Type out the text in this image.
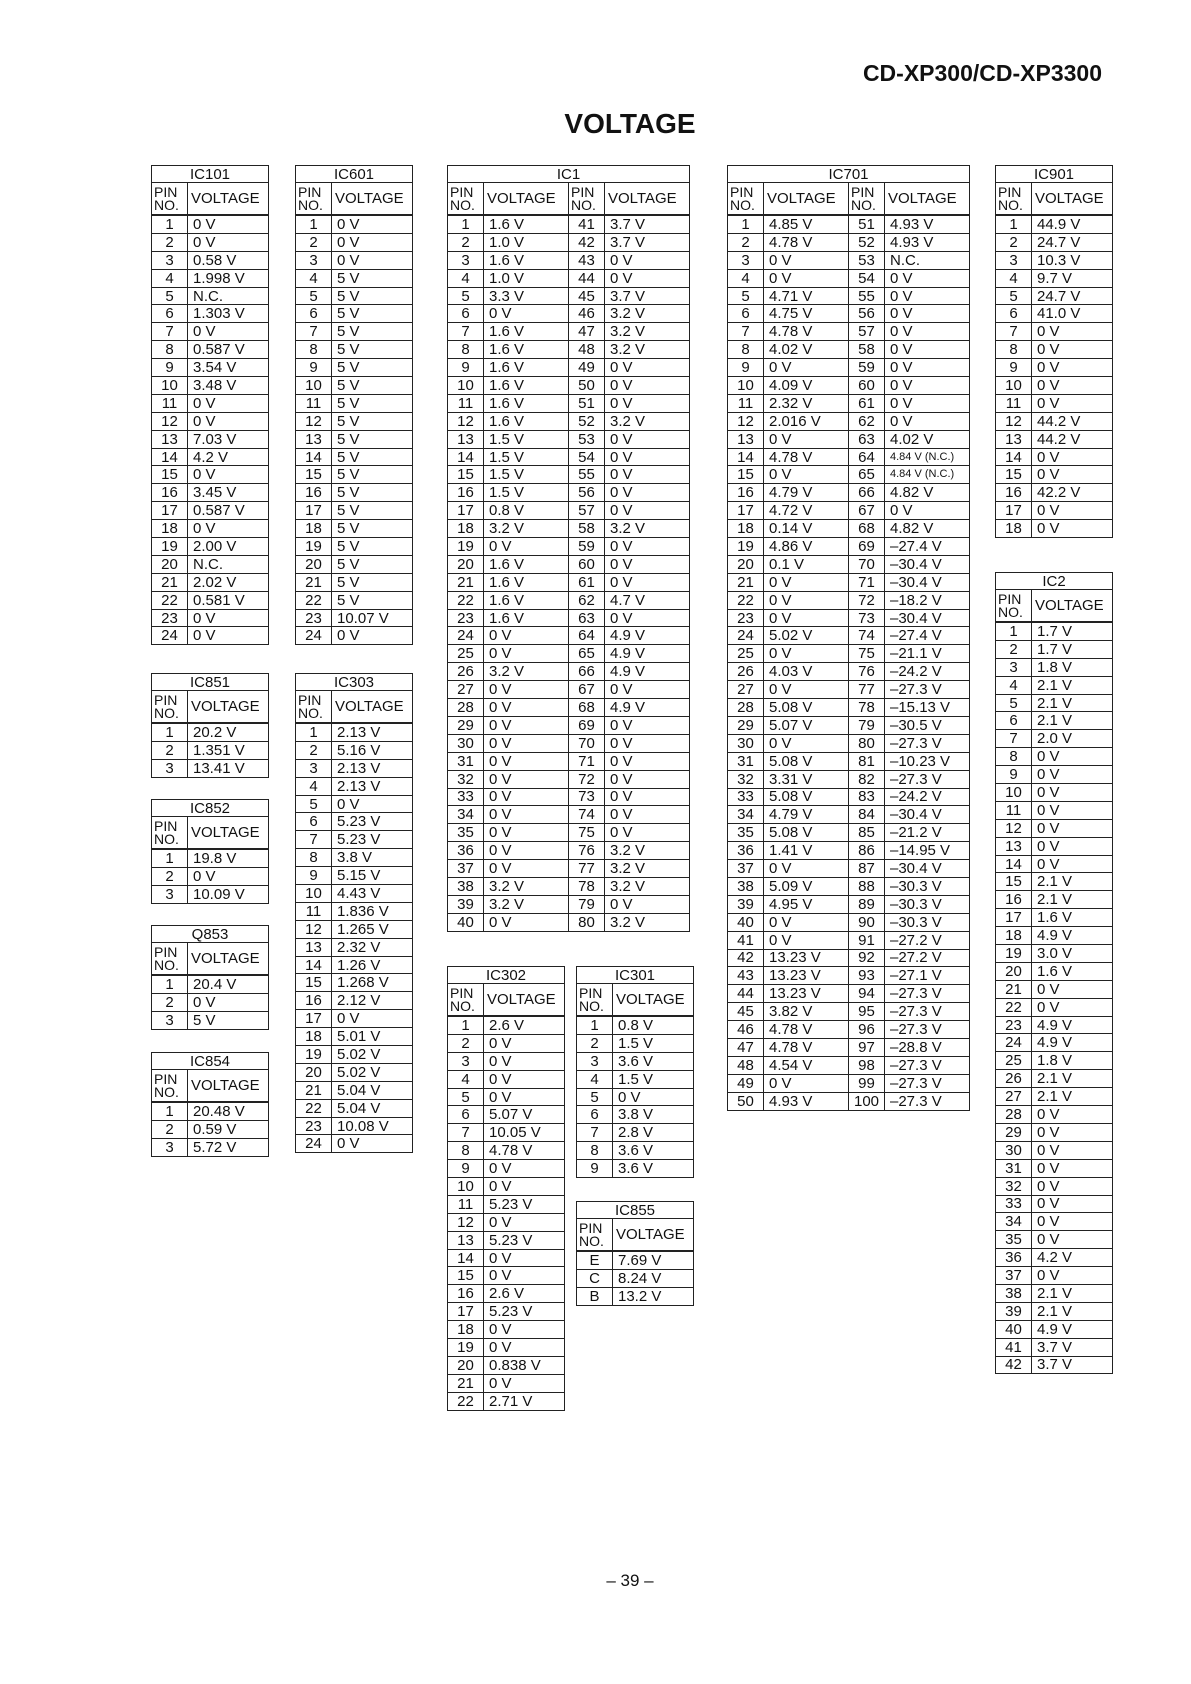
CD-XP300/CD-XP3300
VOLTAGE
IC101	

PIN
NO.	VOLTAGE

1	0 V
2	0 V
3	0.58 V
4	1.998 V
5	N.C.
6	1.303 V
7	0 V
8	0.587 V
9	3.54 V
10	3.48 V
11	0 V
12	0 V
13	7.03 V
14	4.2 V
15	0 V
16	3.45 V
17	0.587 V
18	0 V
19	2.00 V
20	N.C.
21	2.02 V
22	0.581 V
23	0 V
24	0 V
IC851	

PIN
NO.	VOLTAGE

1	20.2 V
2	1.351 V
3	13.41 V
IC852	

PIN
NO.	VOLTAGE

1	19.8 V
2	0 V
3	10.09 V
Q853	

PIN
NO.	VOLTAGE

1	20.4 V
2	0 V
3	5 V
IC854	

PIN
NO.	VOLTAGE

1	20.48 V
2	0.59 V
3	5.72 V
IC601	

PIN
NO.	VOLTAGE

1	0 V
2	0 V
3	0 V
4	5 V
5	5 V
6	5 V
7	5 V
8	5 V
9	5 V
10	5 V
11	5 V
12	5 V
13	5 V
14	5 V
15	5 V
16	5 V
17	5 V
18	5 V
19	5 V
20	5 V
21	5 V
22	5 V
23	10.07 V
24	0 V
IC303	

PIN
NO.	VOLTAGE

1	2.13 V
2	5.16 V
3	2.13 V
4	2.13 V
5	0 V
6	5.23 V
7	5.23 V
8	3.8 V
9	5.15 V
10	4.43 V
11	1.836 V
12	1.265 V
13	2.32 V
14	1.26 V
15	1.268 V
16	2.12 V
17	0 V
18	5.01 V
19	5.02 V
20	5.02 V
21	5.04 V
22	5.04 V
23	10.08 V
24	0 V
IC1			

PIN
NO.	VOLTAGE	PIN
NO.	VOLTAGE

1	1.6 V	41	3.7 V
2	1.0 V	42	3.7 V
3	1.6 V	43	0 V
4	1.0 V	44	0 V
5	3.3 V	45	3.7 V
6	0 V	46	3.2 V
7	1.6 V	47	3.2 V
8	1.6 V	48	3.2 V
9	1.6 V	49	0 V
10	1.6 V	50	0 V
11	1.6 V	51	0 V
12	1.6 V	52	3.2 V
13	1.5 V	53	0 V
14	1.5 V	54	0 V
15	1.5 V	55	0 V
16	1.5 V	56	0 V
17	0.8 V	57	0 V
18	3.2 V	58	3.2 V
19	0 V	59	0 V
20	1.6 V	60	0 V
21	1.6 V	61	0 V
22	1.6 V	62	4.7 V
23	1.6 V	63	0 V
24	0 V	64	4.9 V
25	0 V	65	4.9 V
26	3.2 V	66	4.9 V
27	0 V	67	0 V
28	0 V	68	4.9 V
29	0 V	69	0 V
30	0 V	70	0 V
31	0 V	71	0 V
32	0 V	72	0 V
33	0 V	73	0 V
34	0 V	74	0 V
35	0 V	75	0 V
36	0 V	76	3.2 V
37	0 V	77	3.2 V
38	3.2 V	78	3.2 V
39	3.2 V	79	0 V
40	0 V	80	3.2 V
IC302	

PIN
NO.	VOLTAGE

1	2.6 V
2	0 V
3	0 V
4	0 V
5	0 V
6	5.07 V
7	10.05 V
8	4.78 V
9	0 V
10	0 V
11	5.23 V
12	0 V
13	5.23 V
14	0 V
15	0 V
16	2.6 V
17	5.23 V
18	0 V
19	0 V
20	0.838 V
21	0 V
22	2.71 V
IC301	

PIN
NO.	VOLTAGE

1	0.8 V
2	1.5 V
3	3.6 V
4	1.5 V
5	0 V
6	3.8 V
7	2.8 V
8	3.6 V
9	3.6 V
IC855	

PIN
NO.	VOLTAGE

E	7.69 V
C	8.24 V
B	13.2 V
IC701			

PIN
NO.	VOLTAGE	PIN
NO.	VOLTAGE

1	4.85 V	51	4.93 V
2	4.78 V	52	4.93 V
3	0 V	53	N.C.
4	0 V	54	0 V
5	4.71 V	55	0 V
6	4.75 V	56	0 V
7	4.78 V	57	0 V
8	4.02 V	58	0 V
9	0 V	59	0 V
10	4.09 V	60	0 V
11	2.32 V	61	0 V
12	2.016 V	62	0 V
13	0 V	63	4.02 V
14	4.78 V	64	4.84 V (N.C.)
15	0 V	65	4.84 V (N.C.)
16	4.79 V	66	4.82 V
17	4.72 V	67	0 V
18	0.14 V	68	4.82 V
19	4.86 V	69	–27.4 V
20	0.1 V	70	–30.4 V
21	0 V	71	–30.4 V
22	0 V	72	–18.2 V
23	0 V	73	–30.4 V
24	5.02 V	74	–27.4 V
25	0 V	75	–21.1 V
26	4.03 V	76	–24.2 V
27	0 V	77	–27.3 V
28	5.08 V	78	–15.13 V
29	5.07 V	79	–30.5 V
30	0 V	80	–27.3 V
31	5.08 V	81	–10.23 V
32	3.31 V	82	–27.3 V
33	5.08 V	83	–24.2 V
34	4.79 V	84	–30.4 V
35	5.08 V	85	–21.2 V
36	1.41 V	86	–14.95 V
37	0 V	87	–30.4 V
38	5.09 V	88	–30.3 V
39	4.95 V	89	–30.3 V
40	0 V	90	–30.3 V
41	0 V	91	–27.2 V
42	13.23 V	92	–27.2 V
43	13.23 V	93	–27.1 V
44	13.23 V	94	–27.3 V
45	3.82 V	95	–27.3 V
46	4.78 V	96	–27.3 V
47	4.78 V	97	–28.8 V
48	4.54 V	98	–27.3 V
49	0 V	99	–27.3 V
50	4.93 V	100	–27.3 V
IC901	

PIN
NO.	VOLTAGE

1	44.9 V
2	24.7 V
3	10.3 V
4	9.7 V
5	24.7 V
6	41.0 V
7	0 V
8	0 V
9	0 V
10	0 V
11	0 V
12	44.2 V
13	44.2 V
14	0 V
15	0 V
16	42.2 V
17	0 V
18	0 V
IC2	

PIN
NO.	VOLTAGE

1	1.7 V
2	1.7 V
3	1.8 V
4	2.1 V
5	2.1 V
6	2.1 V
7	2.0 V
8	0 V
9	0 V
10	0 V
11	0 V
12	0 V
13	0 V
14	0 V
15	2.1 V
16	2.1 V
17	1.6 V
18	4.9 V
19	3.0 V
20	1.6 V
21	0 V
22	0 V
23	4.9 V
24	4.9 V
25	1.8 V
26	2.1 V
27	2.1 V
28	0 V
29	0 V
30	0 V
31	0 V
32	0 V
33	0 V
34	0 V
35	0 V
36	4.2 V
37	0 V
38	2.1 V
39	2.1 V
40	4.9 V
41	3.7 V
42	3.7 V
– 39 –
